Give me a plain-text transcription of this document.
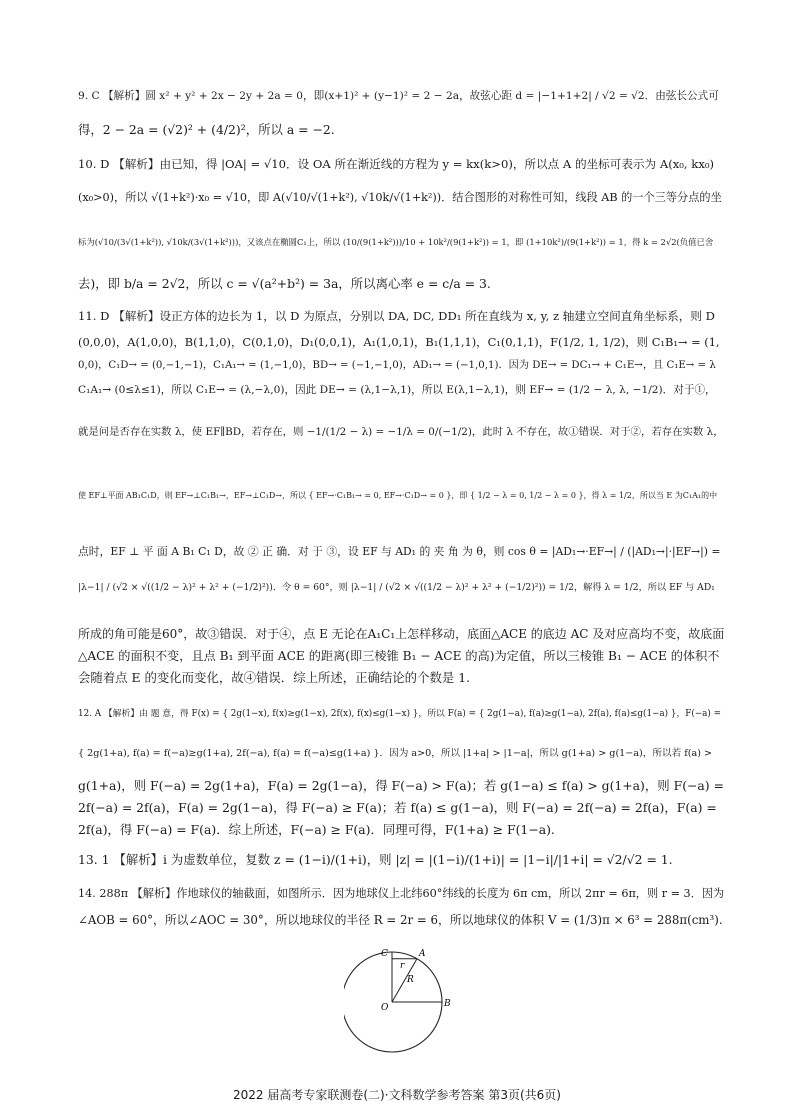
9. C 【解析】圆 x² + y² + 2x − 2y + 2a = 0，即(x+1)² + (y−1)² = 2 − 2a，故弦心距 d = |−1+1+2| / √2 = √2．由弦长公式可
得，2 − 2a = (√2)² + (4/2)²，所以 a = −2.
10. D 【解析】由已知，得 |OA| = √10．设 OA 所在渐近线的方程为 y = kx(k>0)，所以点 A 的坐标可表示为 A(x₀, kx₀)
(x₀>0)，所以 √(1+k²)·x₀ = √10，即 A(√10/√(1+k²), √10k/√(1+k²))．结合图形的对称性可知，线段 AB 的一个三等分点的坐
标为(√10/(3√(1+k²)), √10k/(3√(1+k²)))，又该点在椭圆C₁上，所以 (10/(9(1+k²)))/10 + 10k²/(9(1+k²)) = 1，即 (1+10k²)/(9(1+k²)) = 1，得 k = 2√2(负值已舍
去)，即 b/a = 2√2，所以 c = √(a²+b²) = 3a，所以离心率 e = c/a = 3.
11. D 【解析】设正方体的边长为 1，以 D 为原点，分别以 DA, DC, DD₁ 所在直线为 x, y, z 轴建立空间直角坐标系，则 D
(0,0,0)，A(1,0,0)，B(1,1,0)，C(0,1,0)，D₁(0,0,1)，A₁(1,0,1)，B₁(1,1,1)，C₁(0,1,1)，F(1/2, 1, 1/2)，则 C₁B₁→ = (1,
0,0)，C₁D→ = (0,−1,−1)，C₁A₁→ = (1,−1,0)，BD→ = (−1,−1,0)，AD₁→ = (−1,0,1)．因为 DE→ = DC₁→ + C₁E→，且 C₁E→ = λ
C₁A₁→ (0≤λ≤1)，所以 C₁E→ = (λ,−λ,0)，因此 DE→ = (λ,1−λ,1)，所以 E(λ,1−λ,1)，则 EF→ = (1/2 − λ, λ, −1/2)．对于①，
就是问是否存在实数 λ，使 EF∥BD，若存在，则 −1/(1/2 − λ) = −1/λ = 0/(−1/2)，此时 λ 不存在，故①错误．对于②，若存在实数 λ，
使 EF⊥平面 AB₁C₁D，则 EF→⊥C₁B₁→，EF→⊥C₁D→，所以 { EF→·C₁B₁→ = 0, EF→·C₁D→ = 0 }，即 { 1/2 − λ = 0, 1/2 − λ = 0 }，得 λ = 1/2，所以当 E 为C₁A₁的中
点时，EF ⊥ 平 面 A B₁ C₁ D，故 ② 正 确．对 于 ③，设 EF 与 AD₁ 的 夹 角 为 θ，则 cos θ = |AD₁→·EF→| / (|AD₁→|·|EF→|) =
|λ−1| / (√2 × √((1/2 − λ)² + λ² + (−1/2)²))．令 θ = 60°，则 |λ−1| / (√2 × √((1/2 − λ)² + λ² + (−1/2)²)) = 1/2，解得 λ = 1/2，所以 EF 与 AD₁
所成的角可能是60°，故③错误．对于④，点 E 无论在A₁C₁上怎样移动，底面△ACE 的底边 AC 及对应高均不变，故底面
△ACE 的面积不变，且点 B₁ 到平面 ACE 的距离(即三棱锥 B₁ − ACE 的高)为定值，所以三棱锥 B₁ − ACE 的体积不
会随着点 E 的变化而变化，故④错误．综上所述，正确结论的个数是 1.
12. A 【解析】由 题 意，得 F(x) = { 2g(1−x), f(x)≥g(1−x), 2f(x), f(x)≤g(1−x) }，所以 F(a) = { 2g(1−a), f(a)≥g(1−a), 2f(a), f(a)≤g(1−a) }，F(−a) =
{ 2g(1+a), f(a) = f(−a)≥g(1+a), 2f(−a), f(a) = f(−a)≤g(1+a) }．因为 a>0，所以 |1+a| > |1−a|，所以 g(1+a) > g(1−a)，所以若 f(a) >
g(1+a)，则 F(−a) = 2g(1+a)，F(a) = 2g(1−a)，得 F(−a) > F(a)；若 g(1−a) ≤ f(a) > g(1+a)，则 F(−a) =
2f(−a) = 2f(a)，F(a) = 2g(1−a)，得 F(−a) ≥ F(a)；若 f(a) ≤ g(1−a)，则 F(−a) = 2f(−a) = 2f(a)，F(a) =
2f(a)，得 F(−a) = F(a)．综上所述，F(−a) ≥ F(a)．同理可得，F(1+a) ≥ F(1−a).
13. 1 【解析】i 为虚数单位，复数 z = (1−i)/(1+i)，则 |z| = |(1−i)/(1+i)| = |1−i|/|1+i| = √2/√2 = 1.
14. 288π 【解析】作地球仪的轴截面，如图所示．因为地球仪上北纬60°纬线的长度为 6π cm，所以 2πr = 6π，则 r = 3．因为
∠AOB = 60°，所以∠AOC = 30°，所以地球仪的半径 R = 2r = 6，所以地球仪的体积 V = (1/3)π × 6³ = 288π(cm³).
C	A
r
R
O	B
2022 届高考专家联测卷(二)·文科数学参考答案 第3页(共6页)
